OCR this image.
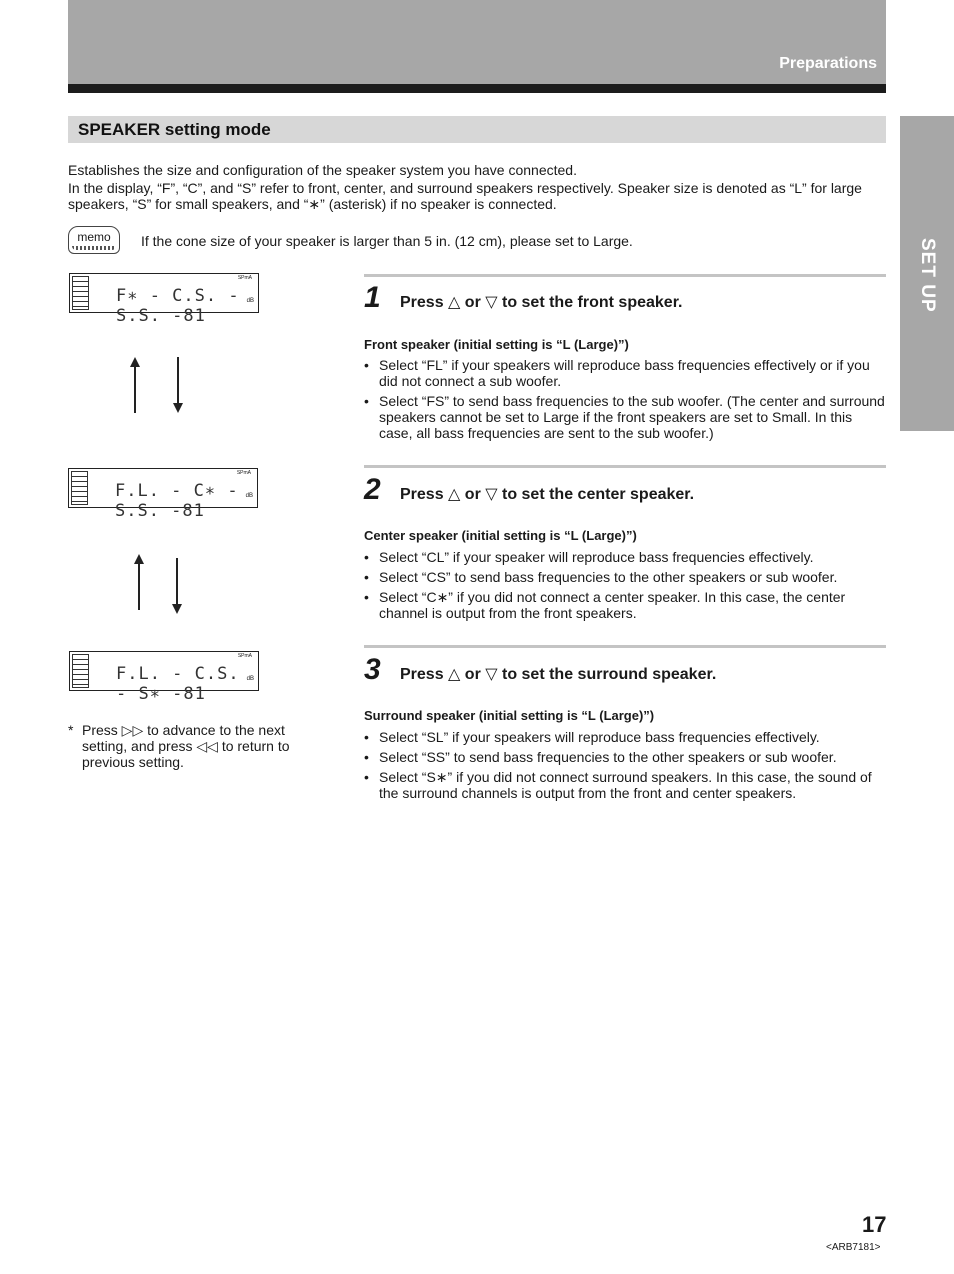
Preparations
SET UP
SPEAKER setting mode
Establishes the size and configuration of the speaker system you have connected.
In the display, “F”, “C”, and “S” refer to front, center, and surround speakers respectively. Speaker size is denoted as “L” for large speakers, “S” for small speakers, and “∗” (asterisk) if no speaker is connected.
memo	If the cone size of your speaker is larger than 5 in. (12 cm), please set to Large.
SPmA
F∗ - C.S. - S.S. -81
dB
SPmA
F.L. - C∗ - S.S. -81
dB
SPmA
F.L. - C.S. - S∗ -81
dB
* Press ▷▷ to advance to the next setting, and press ◁◁ to return to previous setting.
1 Press △ or ▽ to set the front speaker.
Front speaker (initial setting is “L (Large)”)
• Select “FL” if your speakers will reproduce bass frequencies effectively or if you did not connect a sub woofer.
• Select “FS” to send bass frequencies to the sub woofer. (The center and surround speakers cannot be set to Large if the front speakers are set to Small. In this case, all bass frequencies are sent to the sub woofer.)
2 Press △ or ▽ to set the center speaker.
Center speaker (initial setting is “L (Large)”)
• Select “CL” if your speaker will reproduce bass frequencies effectively.
• Select “CS” to send bass frequencies to the other speakers or sub woofer.
• Select “C∗” if you did not connect a center speaker. In this case, the center channel is output from the front speakers.
3 Press △ or ▽ to set the surround speaker.
Surround speaker (initial setting is “L (Large)”)
• Select “SL” if your speakers will reproduce bass frequencies effectively.
• Select “SS” to send bass frequencies to the other speakers or sub woofer.
• Select “S∗” if you did not connect surround speakers. In this case, the sound of the surround channels is output from the front and center speakers.
17
<ARB7181>
